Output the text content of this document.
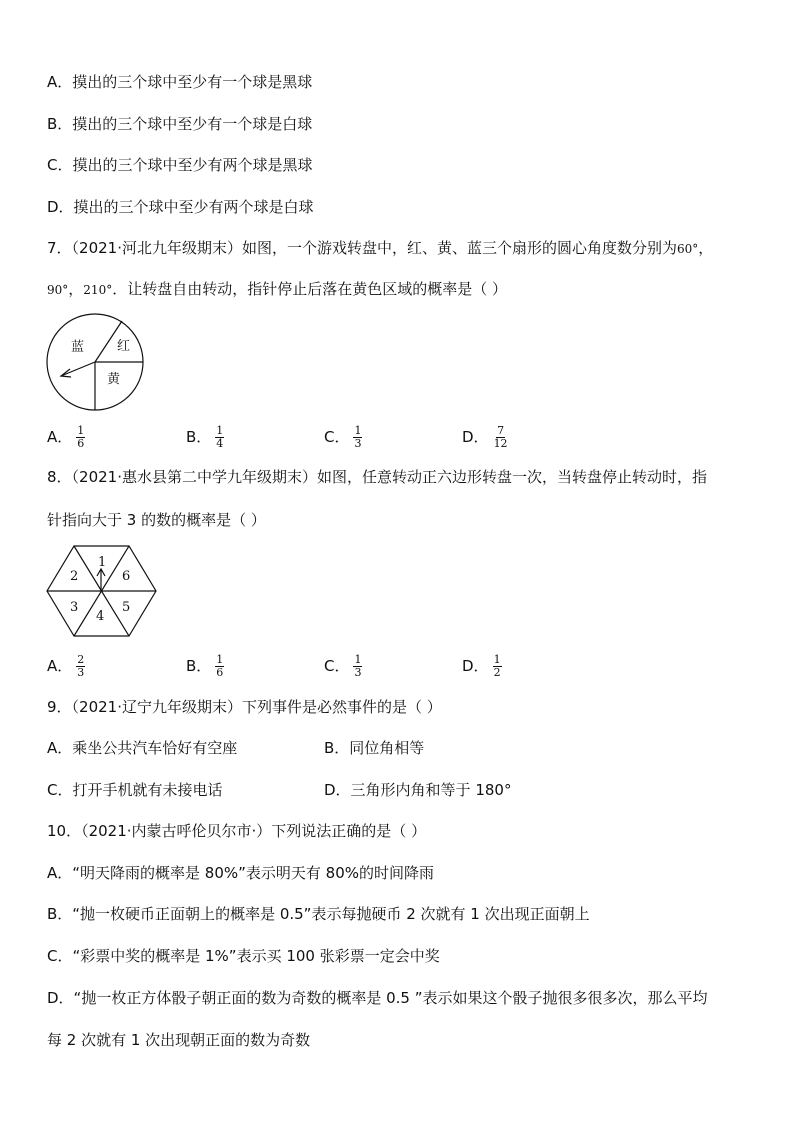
A．摸出的三个球中至少有一个球是黑球
B．摸出的三个球中至少有一个球是白球
C．摸出的三个球中至少有两个球是黑球
D．摸出的三个球中至少有两个球是白球
7．（2021·河北九年级期末）如图，一个游戏转盘中，红、黄、蓝三个扇形的圆心角度数分别为60°，
90°，210°．让转盘自由转动，指针停止后落在黄色区域的概率是（ ）
蓝	红
黄
A． $\frac{1}{6}$	B． $\frac{1}{4}$	C． $\frac{1}{3}$	D． $\frac{7}{12}$
8．（2021·惠水县第二中学九年级期末）如图，任意转动正六边形转盘一次，当转盘停止转动时，指
针指向大于 3 的数的概率是（ ）
1
2	6
3	5
4
A． $\frac{2}{3}$	B． $\frac{1}{6}$	C． $\frac{1}{3}$	D． $\frac{1}{2}$
9．（2021·辽宁九年级期末）下列事件是必然事件的是（ ）
A．乘坐公共汽车恰好有空座	B．同位角相等
C．打开手机就有未接电话	D．三角形内角和等于 180°
10．（2021·内蒙古呼伦贝尔市·）下列说法正确的是（ ）
A．“明天降雨的概率是 80%”表示明天有 80%的时间降雨
B．“抛一枚硬币正面朝上的概率是 0.5”表示每抛硬币 2 次就有 1 次出现正面朝上
C．“彩票中奖的概率是 1%”表示买 100 张彩票一定会中奖
D．“抛一枚正方体骰子朝正面的数为奇数的概率是 0.5 ”表示如果这个骰子抛很多很多次，那么平均
每 2 次就有 1 次出现朝正面的数为奇数
